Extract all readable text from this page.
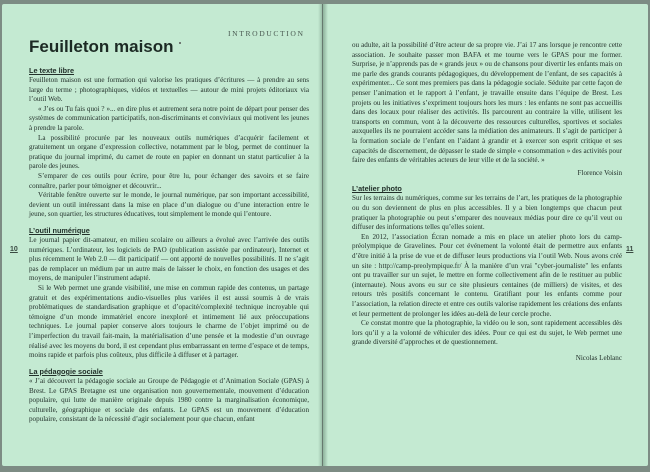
INTRODUCTION
Feuilleton maison
10	11
Le texte libre

Feuilleton maison est une formation qui valorise les pratiques d’écritures — à prendre au sens large du terme ; photographiques, vidéos et textuelles — autour de mini projets éditoriaux via l’outil Web.

« J’es ou Tu fais quoi ? »... en dire plus et autrement sera notre point de départ pour penser des systèmes de communication participatifs, non-discriminants et conviviaux qui motivent les jeunes à prendre la parole.

La possibilité procurée par les nouveaux outils numériques d’acquérir facilement et gratuitement un organe d’expression collective, notamment par le blog, permet de continuer la pratique du journal imprimé, du carnet de route en papier en donnant un statut particulier à la parole des jeunes.

S’emparer de ces outils pour écrire, pour être lu, pour échanger des savoirs et se faire connaître, parler pour témoigner et découvrir...

Véritable fenêtre ouverte sur le monde, le journal numérique, par son important accessibilité, devient un outil intéressant dans la mise en place d’un dialogue ou d’une interaction entre le jeune, son quartier, les structures éducatives, tout simplement le monde qui l’entoure.

L’outil numérique

Le journal papier dit-amateur, en milieu scolaire ou ailleurs a évolué avec l’arrivée des outils numériques. L’ordinateur, les logiciels de PAO (publication assistée par ordinateur), Internet et plus récemment le Web 2.0 — dit participatif — ont apporté de nouvelles possibilités. Il ne s’agit pas de remplacer un médium par un autre mais de laisser le choix, en fonction des usages et des moyens, de manipuler l’instrument adapté.

Si le Web permet une grande visibilité, une mise en commun rapide des contenus, un partage gratuit et des expérimentations audio-visuelles plus variées il est aussi soumis à de vrais problématiques de standardisation graphique et d’opacité/complexité technique incroyable qui témoigne d’un monde immatériel encore inexploré et intimement lié aux préoccupations techniques. Le journal papier conserve alors toujours le charme de l’objet imprimé ou de l’imperfection du travail fait-main, la matérialisation d’une pensée et la modestie d’un ouvrage réalisé avec les moyens du bord, il est cependant plus embarrassant en terme d’espace et de temps, moins rapide et parfois plus coûteux, plus difficile à diffuser et à partager.

La pédagogie sociale

« J’ai découvert la pédagogie sociale au Groupe de Pédagogie et d’Animation Sociale (GPAS) à Brest. Le GPAS Bretagne est une organisation non gouvernementale, mouvement d’éducation populaire, qui lutte de manière originale depuis 1980 contre la marginalisation économique, culturelle, géographique et sociale des enfants. Le GPAS est un mouvement d’éducation populaire, consistant de la nécessité d’agir socialement pour que chacun, enfant

ou adulte, ait la possibilité d’être acteur de sa propre vie. J’ai 17 ans lorsque je rencontre cette association. Je souhaite passer mon BAFA et me tourne vers le GPAS pour me former. Surprise, je n’apprends pas de « grands jeux » ou de chansons pour divertir les enfants mais on me parle des grands courants pédagogiques, du développement de l’enfant, de ses capacités à expérimenter... Ce sont mes premiers pas dans la pédagogie sociale. Séduite par cette façon de penser l’animation et le rapport à l’enfant, je travaille ensuite dans l’équipe de Brest. Les projets ou les initiatives s’expriment toujours hors les murs : les enfants ne sont pas accueillis dans des locaux pour réaliser des activités. Ils parcourent au contraire la ville, utilisent les transports en commun, vont à la découverte des ressources culturelles, sportives et sociales auxquelles ils ne pourraient accéder sans la médiation des animateurs. Il s’agit de participer à la formation sociale de l’enfant en l’aidant à grandir et à exercer son esprit critique et ses capacités de discernement, de dépasser le stade de simple « consommation » des activités pour faire des enfants de véritables acteurs de leur ville et de la société. »

Florence Voisin

L’atelier photo

Sur les terrains du numériques, comme sur les terrains de l’art, les pratiques de la photographie ou du son deviennent de plus en plus accessibles. Il y a bien longtemps que chacun peut pratiquer la photographie ou peut s’emparer des nouveaux médias pour dire ce qu’il veut ou diffuser des informations telles qu’elles soient.

En 2012, l’association Écran nomade a mis en place un atelier photo lors du camp-préolympique de Gravelines. Pour cet événement la volonté était de permettre aux enfants d’être initié à la prise de vue et de diffuser leurs productions via l’outil Web. Nous avons créé un site : http://camp-preolympique.fr/ À la manière d’un vrai "cyber-journaliste" les enfants ont pu travailler sur un sujet, le mettre en forme collectivement afin de le restituer au public (internaute). Nous avons eu sur ce site plusieurs centaines (de milliers) de visites, et des retours très positifs concernant le contenu. Gratifiant pour les enfants comme pour l’association, la relation directe et entre ces outils valorise rapidement les créations des enfants et leur permettent de prolonger les idées au-delà de leur cercle proche.

Ce constat montre que la photographie, la vidéo ou le son, sont rapidement accessibles dès lors qu’il y a la volonté de véhiculer des idées. Pour ce qui est du sujet, le Web permet une grande diversité d’approches et de questionnement.

Nicolas Leblanc
